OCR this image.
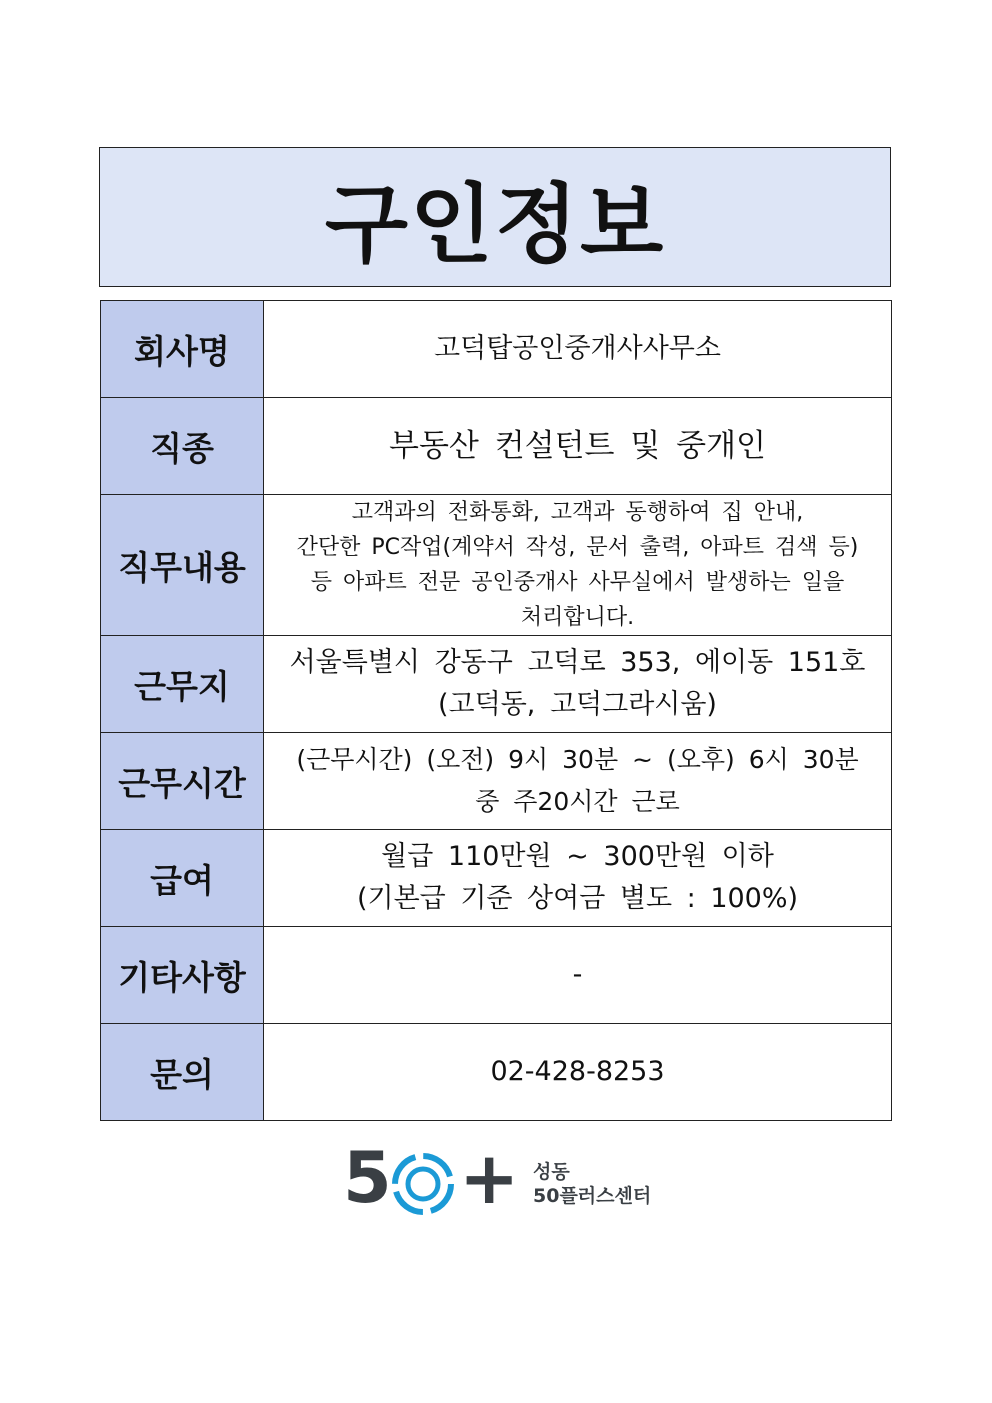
구인정보
회사명	고덕탑공인중개사사무소

직종	부동산 컨설턴트 및 중개인

직무내용	고객과의 전화통화, 고객과 동행하여 집 안내,
간단한 PC작업(계약서 작성, 문서 출력, 아파트 검색 등)
등 아파트 전문 공인중개사 사무실에서 발생하는 일을
처리합니다.

근무지	서울특별시 강동구 고덕로 353, 에이동 151호
(고덕동, 고덕그라시움)

근무시간	(근무시간) (오전) 9시 30분 ~ (오후) 6시 30분
중 주20시간 근로

급여	월급 110만원 ~ 300만원 이하
(기본급 기준 상여금 별도 : 100%)

기타사항	-

문의	02-428-8253
5 + 성동
50플러스센터
